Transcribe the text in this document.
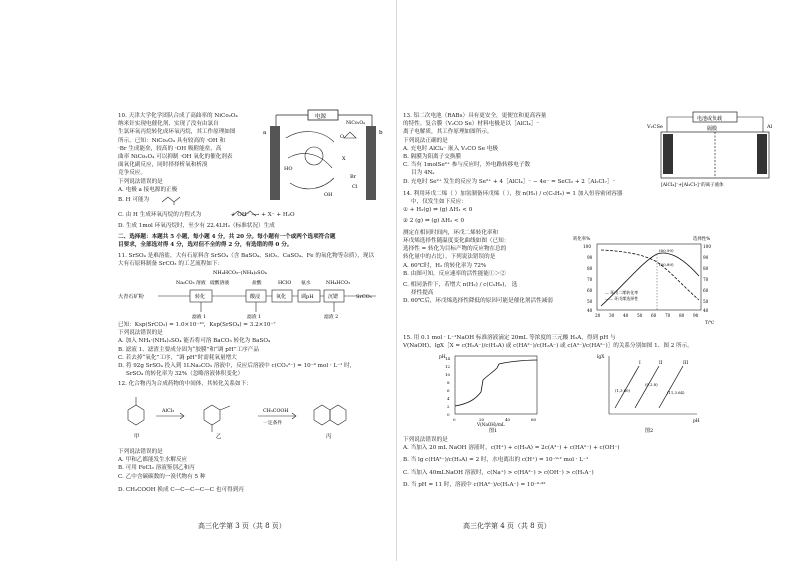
10. 天津大学化学团队合成了高曲率的 NiCo₂O₄
纳米针实现电催化剂，实现了没有由氯自
生氯环氧丙烷转化成环氧丙烷，其工作原理如图
所示。已知：NiCo₂O₄ 具有较高的 ·OH 和
·Br 生成能垒，较高的 ·OH 吸附能垒，高
曲率 NiCo₂O₄ 可以抑制 ·OH 氧化的催化剂表
面氧化副反应，同时择择析氧和析溴
竞争反应。
下列说法错误的是
A. 电极 a 接电源的正极
B. H 可能为
C. 由 H 生成环氧丙烷的方程式为	+ OH⁻ ⟶ + X⁻ + H₂O
D. 生成 1mol 环氧丙烷时，至少有 22.4LH₂（标准状况）生成
电源
a	b
O
HO
X
OH
Br
Cl
NiCo₂O₄
二、选择题：本题共 5 小题，每小题 4 分，共 20 分。每小题有一个或两个选项符合题
目要求，全部选对得 4 分，选对但不全的得 2 分，有选错的得 0 分。
11. SrSO₄ 是难溶盐，大有石原料含 SrSO₄（含 BaSO₄、SiO₂、CaSO₄、Fe 的氧化物等杂质），现以
大有石原料制备 SrCO₃ 的工艺流程如下：
NH₄HCO₃–(NH₄)₂SO₄
大青石矿粉
Na₂CO₃ 溶液 硫酸溶液	盐酸	HClO 氨水	NH₄HCO₃
转化	酸浸	氧化	调pH	沉锶	SrCO₃
滤液 1	滤渣 1	滤渣 2
已知：Ksp(SrCO₃) = 1.0×10⁻¹⁰，Ksp(SrSO₄) = 3.2×10⁻⁷
下列说法错误的是
A. 加入 NH₄·(NH₄)₂SO₄ 能否将可溶 BaCO₃ 转化为 BaSO₄
B. 滤液 1、滤渣主要成分固为“胶膜”和“调 pH”工序产品
C. 若去掉“氧化”工序，“调 pH”时需耗氧量增大
D. 将 92g SrSO₄ 投入到 1LNa₂CO₃ 溶液中，反应后溶液中 c(CO₃²⁻) = 10⁻⁴ mol · L⁻¹ 时，
SrSO₄ 的转化率为 32%（忽略溶液体积变化）
12. 化合物丙为合成药物的中间体，其转化关系如下：
甲
AlCl₃
乙
CH₃COOH
一定条件
丙
下列说法错误的是
A. 甲和乙都能发生水解反应
B. 可用 FeCl₃ 溶液鉴别乙和丙
C. 乙中含碳碳数的一溴代物有 5 种
D. CH₃COOH 换成 C—C—C—C—C 也可得到丙
高三化学第 3 页（共 8 页）
13. 铝二次电池（RABs）具有更安全，更便宜和更高容量
的特性。复合膜（V₂CO Se）材料电极是以［AlCl₄］⁻
离子电解质，其工作原理如图所示。
下列说法正确的是
A. 充电时 AlCl₄⁻ 嵌入 V₂CO Se 电极
B. 隔膜为阳离子交换膜
C. 当有 1molSe²⁺ 参与反应时，外电路转移电子数
目为 4Nₐ
D. 充电时 Se²⁺ 发生的反应为 Se²⁺ + 4［AlCl₄］⁻ − 4e⁻ = SeCl₂ + 2［Al₂Cl₇］⁻
电池或负载
V₂CSe	Al
隔膜
[AlCl₄]⁻+[Al₂Cl₇]⁻的离子液体
14. 利用环戊二烯（ ）加氢制备环戊烯（ ），按 n(H₂) / c(C₅H₆) = 1 加入恒容密闭容器
中，仅发生如下反应：
① + H₂(g) ⇌ (g) ΔH₁ < 0
② 2 (g) ⇌ (g) ΔH₂ < 0
测定在相同时间内，环戊二烯转化率和
环戊烯选择性随温度变化曲线如图（已知：
选择性 = 转化为目标产物的反应物在总的
转化量中的占比）。下列说法错误的是
A. 60℃时，H₂ 的转化率为 72%
B. 由图可知，反应速率的活性能能①＞②
C. 相同条件下，若增大 n(H₂) / c(C₅H₆)， 选
择性提高
D. 60℃后，环戊烯选择性降低的原因可能是催化剂活性减弱
100
90
80
70
60
50
40
100
90
80
70
60
50
40
20 30 40 50 60 70 80 90
T/℃
转化率%	选择性%
(60,90)
(60,80)
— 环戊二烯转化率
—— 环戊烯选择性
15. 用 0.1 mol · L⁻¹NaOH 标准溶液滴定 20mL 等浓度的三元酸 H₃A，得到 pH 与
V(NaOH)、lgX［X = c(H₂A⁻)/c(H₃A) 或 c(HA²⁻)/c(H₂A⁻) 或 c(A³⁻)/c(HA²⁻)］的关系分别如图 1、图 2 所示。
pH 14
12
10
8
6
4
2
0
0	20	40	60
V(NaOH)/mL
图1
lgX
pH
I	II	III
(1,3.80)
(0,2.8)
(11,3.64)
图2
下列说法错误的是
A. 当加入 20 mL NaOH 溶液时，c(H⁺) + c(H₃A) = 2c(A³⁻) + c(HA²⁻) + c(OH⁻)
B. 当 lg c(HA²⁻)/c(H₃A) = 2 时，水电离出的 c(H⁺) = 10⁻⁹·² mol · L⁻¹
C. 当加入 40mLNaOH 溶液时，c(Na⁺) > c(HA²⁻) > c(OH⁻) > c(H₂A⁻)
D. 当 pH = 11 时，溶液中 c(HA²⁻)/c(H₂A⁻) = 10⁻⁰·³²
高三化学第 4 页（共 8 页）
